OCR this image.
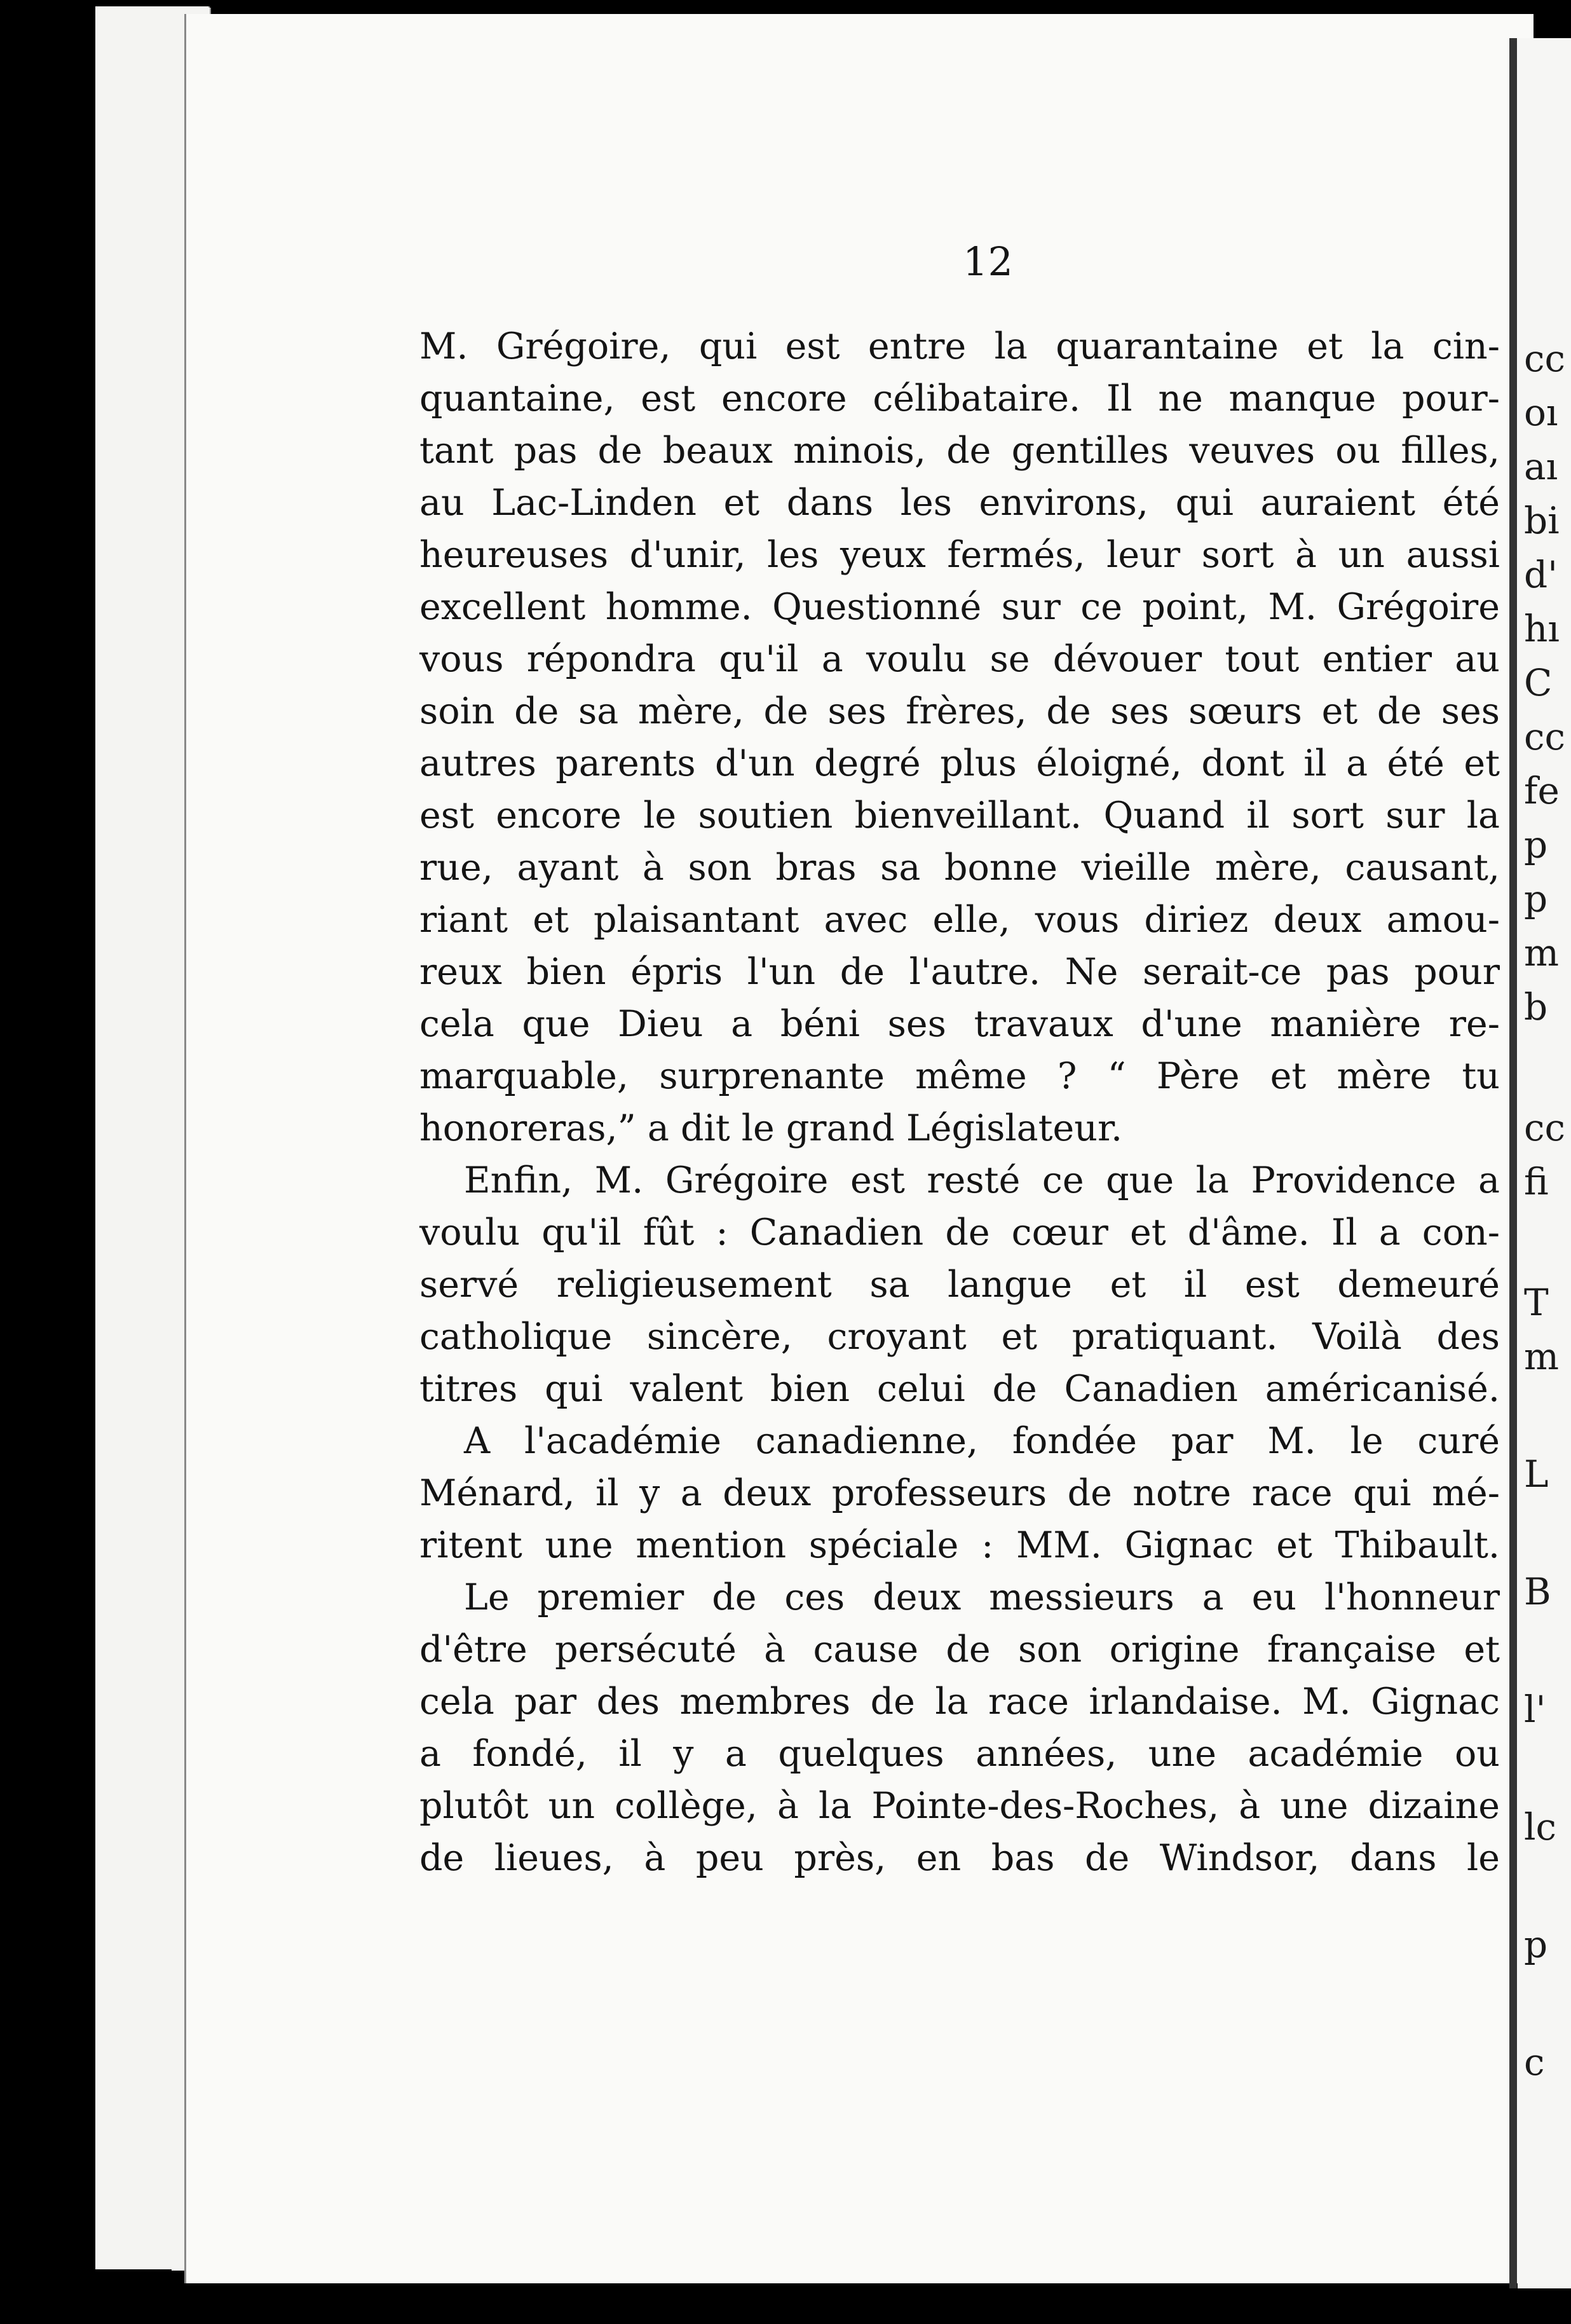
12
M. Grégoire, qui est entre la quarantaine et la cin-
quantaine, est encore célibataire. Il ne manque pour-
tant pas de beaux minois, de gentilles veuves ou filles,
au Lac-Linden et dans les environs, qui auraient été
heureuses d'unir, les yeux fermés, leur sort à un aussi
excellent homme. Questionné sur ce point, M. Grégoire
vous répondra qu'il a voulu se dévouer tout entier au
soin de sa mère, de ses frères, de ses sœurs et de ses
autres parents d'un degré plus éloigné, dont il a été et
est encore le soutien bienveillant. Quand il sort sur la
rue, ayant à son bras sa bonne vieille mère, causant,
riant et plaisantant avec elle, vous diriez deux amou-
reux bien épris l'un de l'autre. Ne serait-ce pas pour
cela que Dieu a béni ses travaux d'une manière re-
marquable, surprenante même ? “ Père et mère tu
honoreras,” a dit le grand Législateur.
Enfin, M. Grégoire est resté ce que la Providence a
voulu qu'il fût : Canadien de cœur et d'âme. Il a con-
servé religieusement sa langue et il est demeuré
catholique sincère, croyant et pratiquant. Voilà des
titres qui valent bien celui de Canadien américanisé.
A l'académie canadienne, fondée par M. le curé
Ménard, il y a deux professeurs de notre race qui mé-
ritent une mention spéciale : MM. Gignac et Thibault.
Le premier de ces deux messieurs a eu l'honneur
d'être persécuté à cause de son origine française et
cela par des membres de la race irlandaise. M. Gignac
a fondé, il y a quelques années, une académie ou
plutôt un collège, à la Pointe-des-Roches, à une dizaine
de lieues, à peu près, en bas de Windsor, dans le
cc
oı
aı
bi
d'
hı
C
cc
fe
p
p
m
b
cc
fi
T
m
L
B
l'
lc
p
c
